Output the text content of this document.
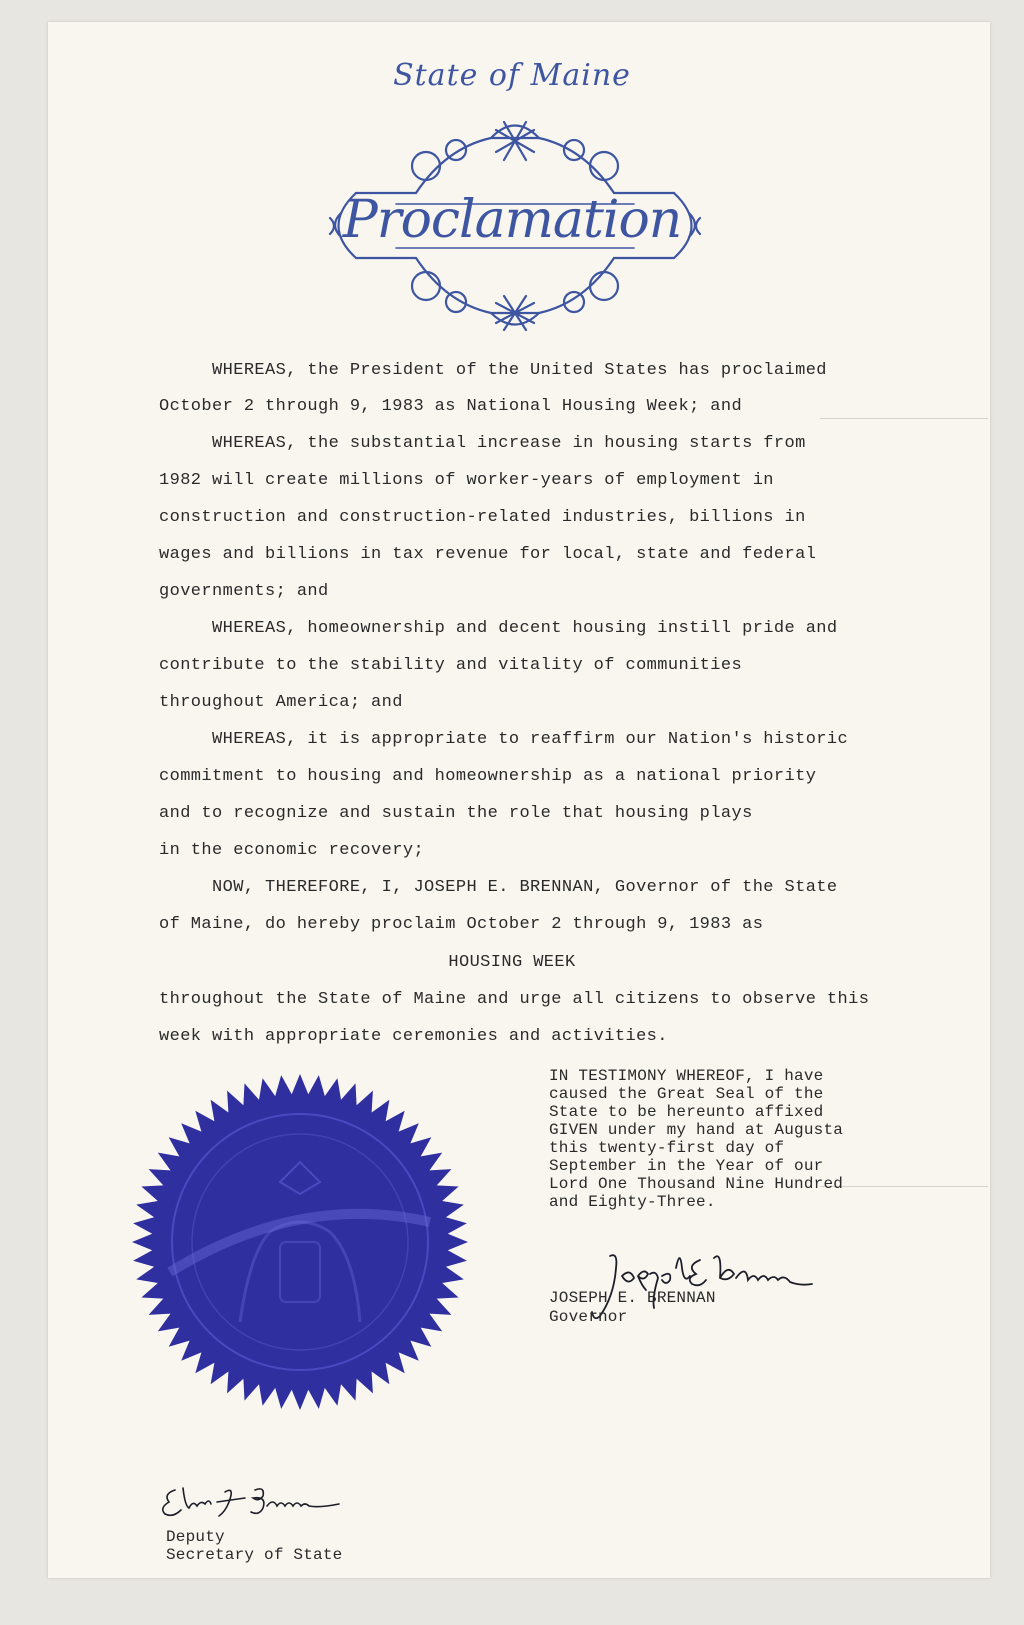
State of Maine
Proclamation
WHEREAS, the President of the United States has proclaimed
October 2 through 9, 1983 as National Housing Week; and
WHEREAS, the substantial increase in housing starts from
1982 will create millions of worker-years of employment in
construction and construction-related industries, billions in
wages and billions in tax revenue for local, state and federal
governments; and
WHEREAS, homeownership and decent housing instill pride and
contribute to the stability and vitality of communities
throughout America; and
WHEREAS, it is appropriate to reaffirm our Nation's historic
commitment to housing and homeownership as a national priority
and to recognize and sustain the role that housing plays
in the economic recovery;
NOW, THEREFORE, I, JOSEPH E. BRENNAN, Governor of the State
of Maine, do hereby proclaim October 2 through 9, 1983 as
HOUSING WEEK
throughout the State of Maine and urge all citizens to observe this
week with appropriate ceremonies and activities.
IN TESTIMONY WHEREOF, I have
caused the Great Seal of the
State to be hereunto affixed
GIVEN under my hand at Augusta
this twenty-first day of
September in the Year of our
Lord One Thousand Nine Hundred
and Eighty-Three.
JOSEPH E. BRENNAN
Governor
Deputy
Secretary of State
